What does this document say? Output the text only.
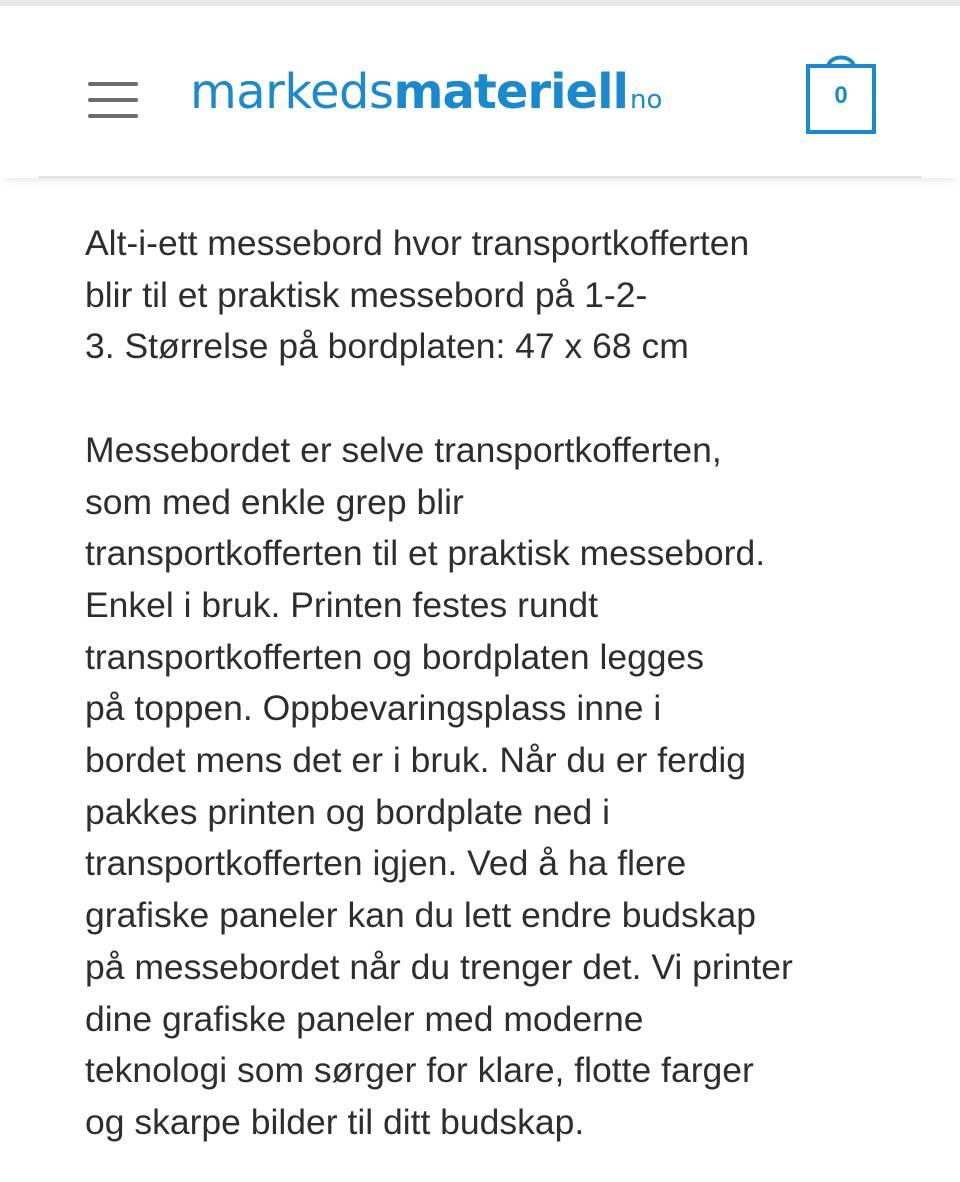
markeds materiell no	0

Alt-i-ett messebord hvor transportkofferten
blir til et praktisk messebord på 1-2-
3. Størrelse på bordplaten: 47 x 68 cm

Messebordet er selve transportkofferten,
som med enkle grep blir
transportkofferten til et praktisk messebord.
Enkel i bruk. Printen festes rundt
transportkofferten og bordplaten legges
på toppen. Oppbevaringsplass inne i
bordet mens det er i bruk. Når du er ferdig
pakkes printen og bordplate ned i
transportkofferten igjen. Ved å ha flere
grafiske paneler kan du lett endre budskap
på messebordet når du trenger det. Vi printer
dine grafiske paneler med moderne
teknologi som sørger for klare, flotte farger
og skarpe bilder til ditt budskap.
